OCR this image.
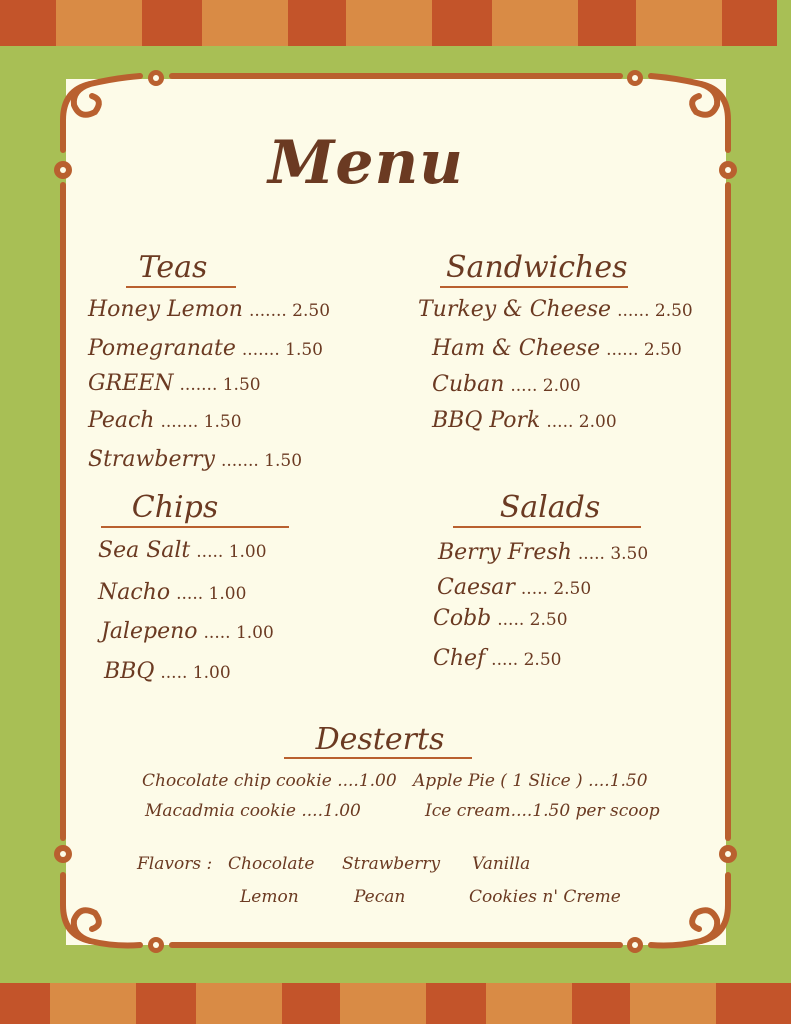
Menu
Teas
Honey Lemon ....... 2.50
Pomegranate ....... 1.50
GREEN ....... 1.50
Peach ....... 1.50
Strawberry ....... 1.50
Sandwiches
Turkey & Cheese ...... 2.50
Ham & Cheese ...... 2.50
Cuban ..... 2.00
BBQ Pork ..... 2.00
Chips
Sea Salt ..... 1.00
Nacho ..... 1.00
Jalepeno ..... 1.00
BBQ ..... 1.00
Salads
Berry Fresh ..... 3.50
Caesar ..... 2.50
Cobb ..... 2.50
Chef ..... 2.50
Desterts
Chocolate chip cookie ....1.00 Apple Pie ( 1 Slice ) ....1.50
Macadmia cookie ....1.00	Ice cream....1.50 per scoop
Flavors : Chocolate Strawberry Vanilla
Lemon	Pecan	Cookies n' Creme
